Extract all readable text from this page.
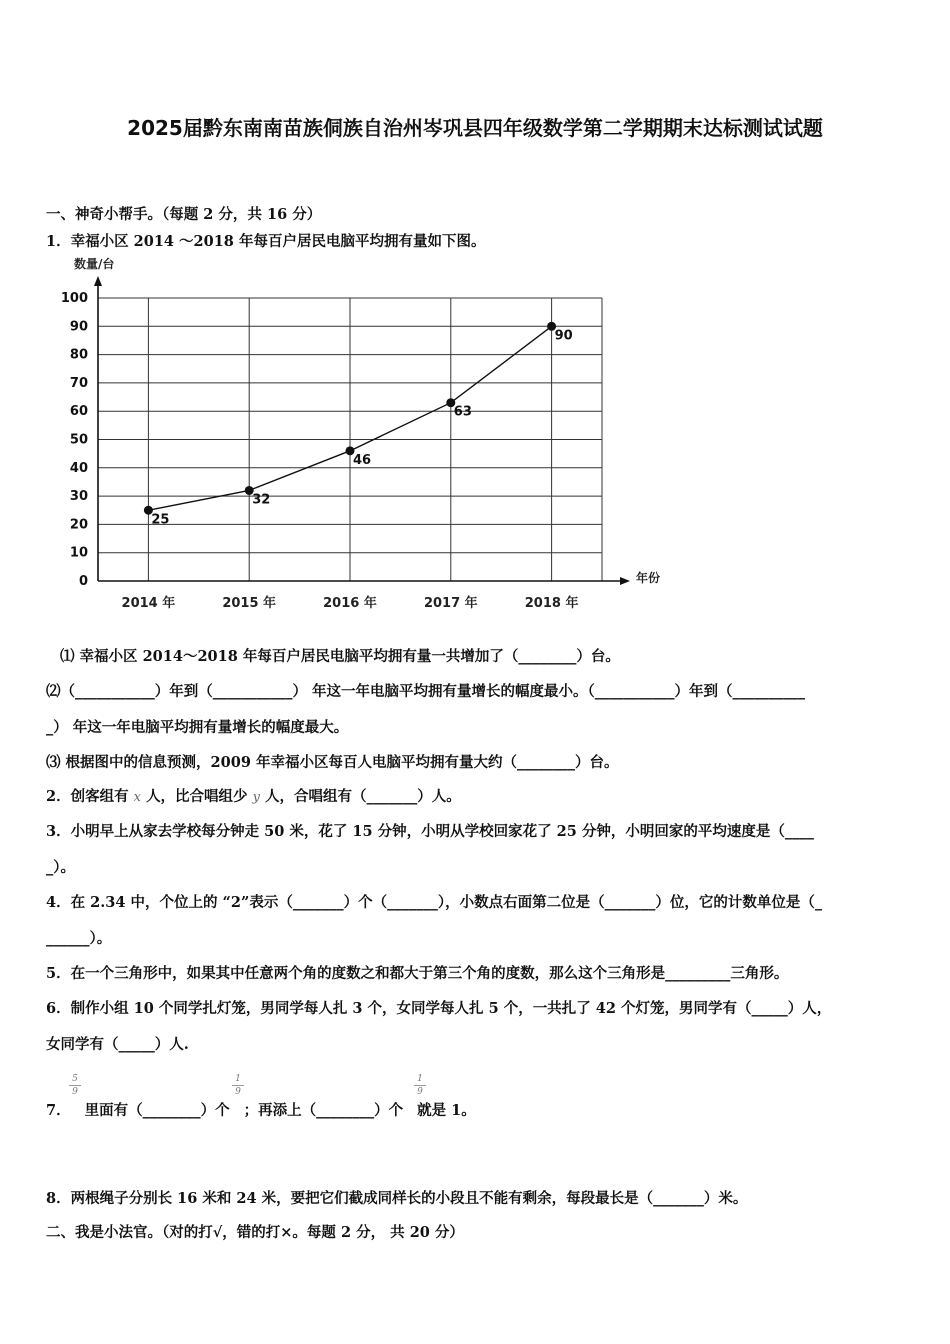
2025届黔东南南苗族侗族自治州岑巩县四年级数学第二学期期末达标测试试题
一、神奇小帮手。（每题 2 分，共 16 分）
1．幸福小区 2014 ～2018 年每百户居民电脑平均拥有量如下图。
0
10
20
30
40
50
60
70
80
90
100
2014 年	2015 年	2016 年	2017 年	2018 年
25
32
46
63
90
数量/台
年份
⑴ 幸福小区 2014～2018 年每百户居民电脑平均拥有量一共增加了（________）台。
⑵（___________）年到（___________） 年这一年电脑平均拥有量增长的幅度最小。（___________）年到（__________
_） 年这一年电脑平均拥有量增长的幅度最大。
⑶ 根据图中的信息预测，2009 年幸福小区每百人电脑平均拥有量大约（________）台。
2．创客组有 x 人，比合唱组少 y 人，合唱组有（_______）人。
3．小明早上从家去学校每分钟走 50 米，花了 15 分钟，小明从学校回家花了 25 分钟，小明回家的平均速度是（____
_）。
4．在 2.34 中，个位上的 “2”表示（_______）个（_______），小数点右面第二位是（_______）位，它的计数单位是（_
______）。
5．在一个三角形中，如果其中任意两个角的度数之和都大于第三个角的度数，那么这个三角形是_________三角形。
6．制作小组 10 个同学扎灯笼，男同学每人扎 3 个，女同学每人扎 5 个，一共扎了 42 个灯笼，男同学有（_____）人，
女同学有（_____）人.
5
9
1
9
1
9
7． 里面有（________）个 ；再添上（________）个 就是 1。
8．两根绳子分别长 16 米和 24 米，要把它们截成同样长的小段且不能有剩余，每段最长是（_______）米。
二、我是小法官。（对的打√，错的打×。每题 2 分， 共 20 分）
